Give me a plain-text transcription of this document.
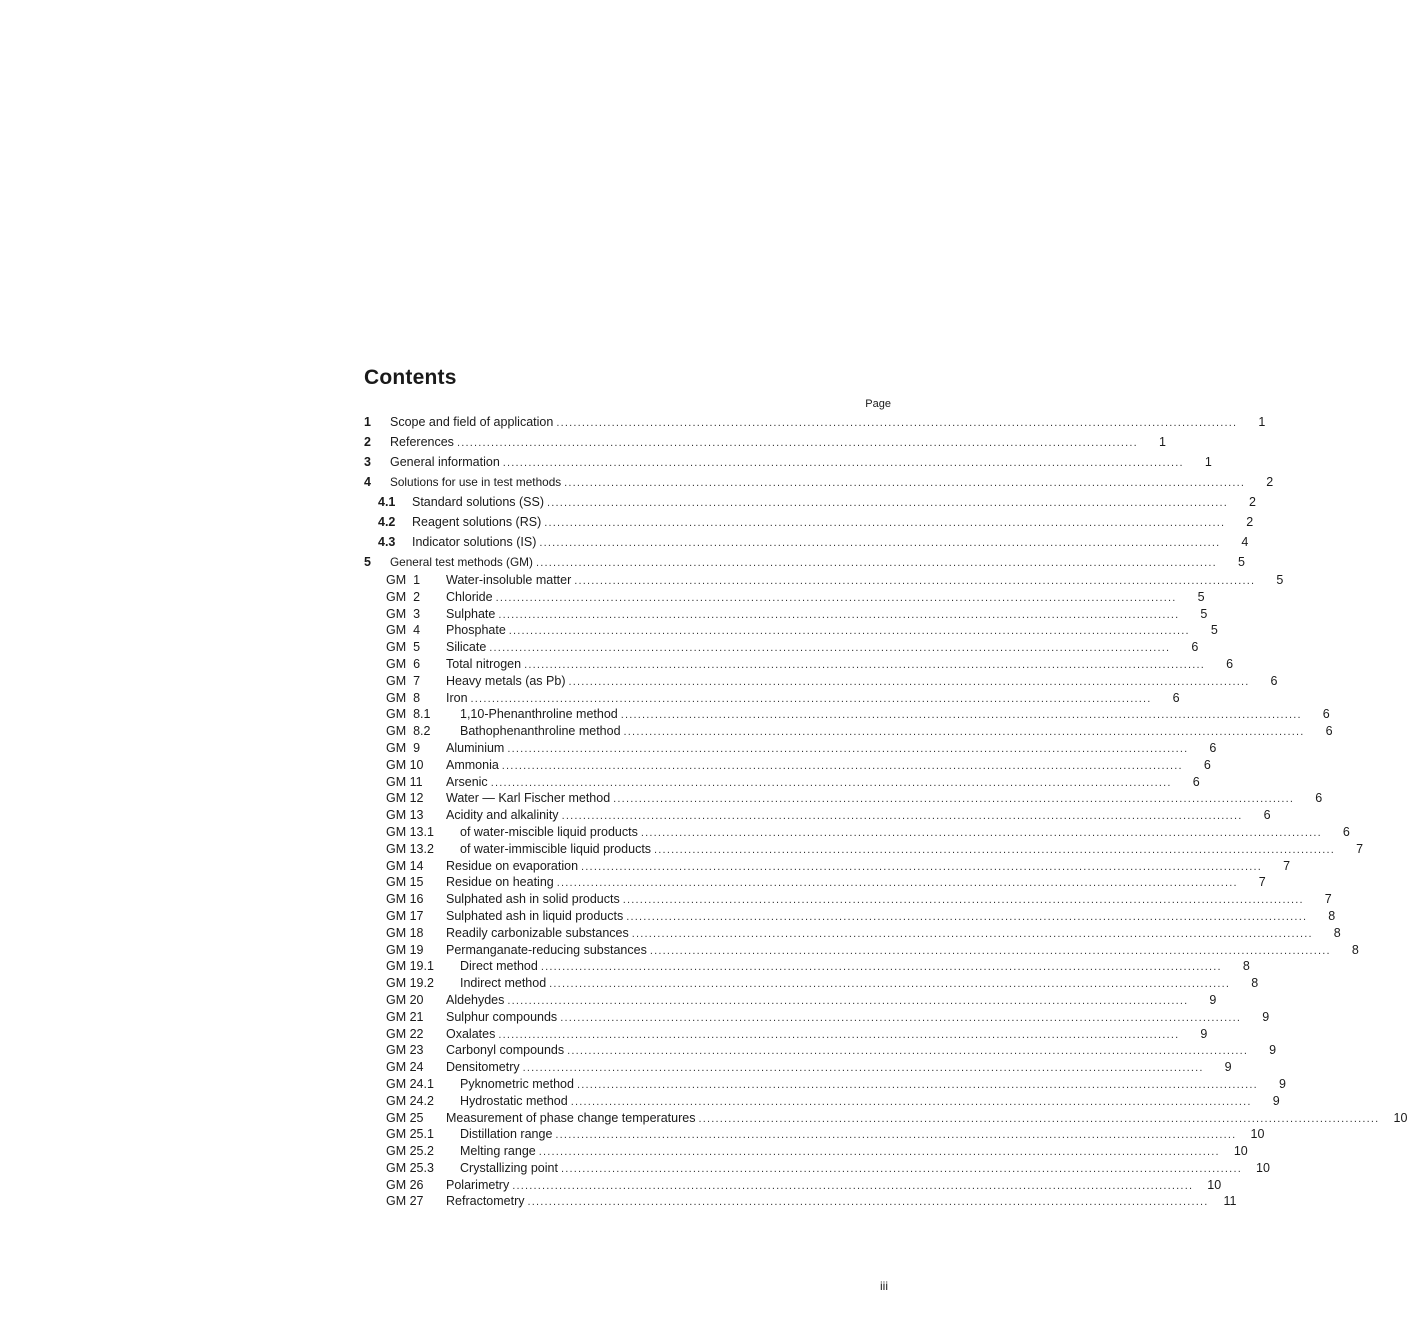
Contents
Page
1	Scope and field of application ................................................................................................................................................................	1
2	References ................................................................................................................................................................	1
3	General information ................................................................................................................................................................	1
4	Solutions for use in test methods ................................................................................................................................................................	2
4.1	Standard solutions (SS) ................................................................................................................................................................	2
4.2	Reagent solutions (RS) ................................................................................................................................................................	2
4.3	Indicator solutions (IS) ................................................................................................................................................................	4
5	General test methods (GM) ................................................................................................................................................................	5
GM  1	Water-insoluble matter ................................................................................................................................................................	5
GM  2	Chloride ................................................................................................................................................................	5
GM  3	Sulphate ................................................................................................................................................................	5
GM  4	Phosphate ................................................................................................................................................................	5
GM  5	Silicate ................................................................................................................................................................	6
GM  6	Total nitrogen ................................................................................................................................................................	6
GM  7	Heavy metals (as Pb) ................................................................................................................................................................	6
GM  8	Iron ................................................................................................................................................................	6
GM  8.1	1,10-Phenanthroline method ................................................................................................................................................................	6
GM  8.2	Bathophenanthroline method ................................................................................................................................................................	6
GM  9	Aluminium ................................................................................................................................................................	6
GM 10	Ammonia ................................................................................................................................................................	6
GM 11	Arsenic ................................................................................................................................................................	6
GM 12	Water — Karl Fischer method ................................................................................................................................................................	6
GM 13	Acidity and alkalinity ................................................................................................................................................................	6
GM 13.1	of water-miscible liquid products ................................................................................................................................................................	6
GM 13.2	of water-immiscible liquid products ................................................................................................................................................................	7
GM 14	Residue on evaporation ................................................................................................................................................................	7
GM 15	Residue on heating ................................................................................................................................................................	7
GM 16	Sulphated ash in solid products ................................................................................................................................................................	7
GM 17	Sulphated ash in liquid products ................................................................................................................................................................	8
GM 18	Readily carbonizable substances ................................................................................................................................................................	8
GM 19	Permanganate-reducing substances ................................................................................................................................................................	8
GM 19.1	Direct method ................................................................................................................................................................	8
GM 19.2	Indirect method ................................................................................................................................................................	8
GM 20	Aldehydes ................................................................................................................................................................	9
GM 21	Sulphur compounds ................................................................................................................................................................	9
GM 22	Oxalates ................................................................................................................................................................	9
GM 23	Carbonyl compounds ................................................................................................................................................................	9
GM 24	Densitometry ................................................................................................................................................................	9
GM 24.1	Pyknometric method ................................................................................................................................................................	9
GM 24.2	Hydrostatic method ................................................................................................................................................................	9
GM 25	Measurement of phase change temperatures ................................................................................................................................................................	10
GM 25.1	Distillation range ................................................................................................................................................................	10
GM 25.2	Melting range ................................................................................................................................................................	10
GM 25.3	Crystallizing point ................................................................................................................................................................	10
GM 26	Polarimetry ................................................................................................................................................................	10
GM 27	Refractometry ................................................................................................................................................................	11
iii
